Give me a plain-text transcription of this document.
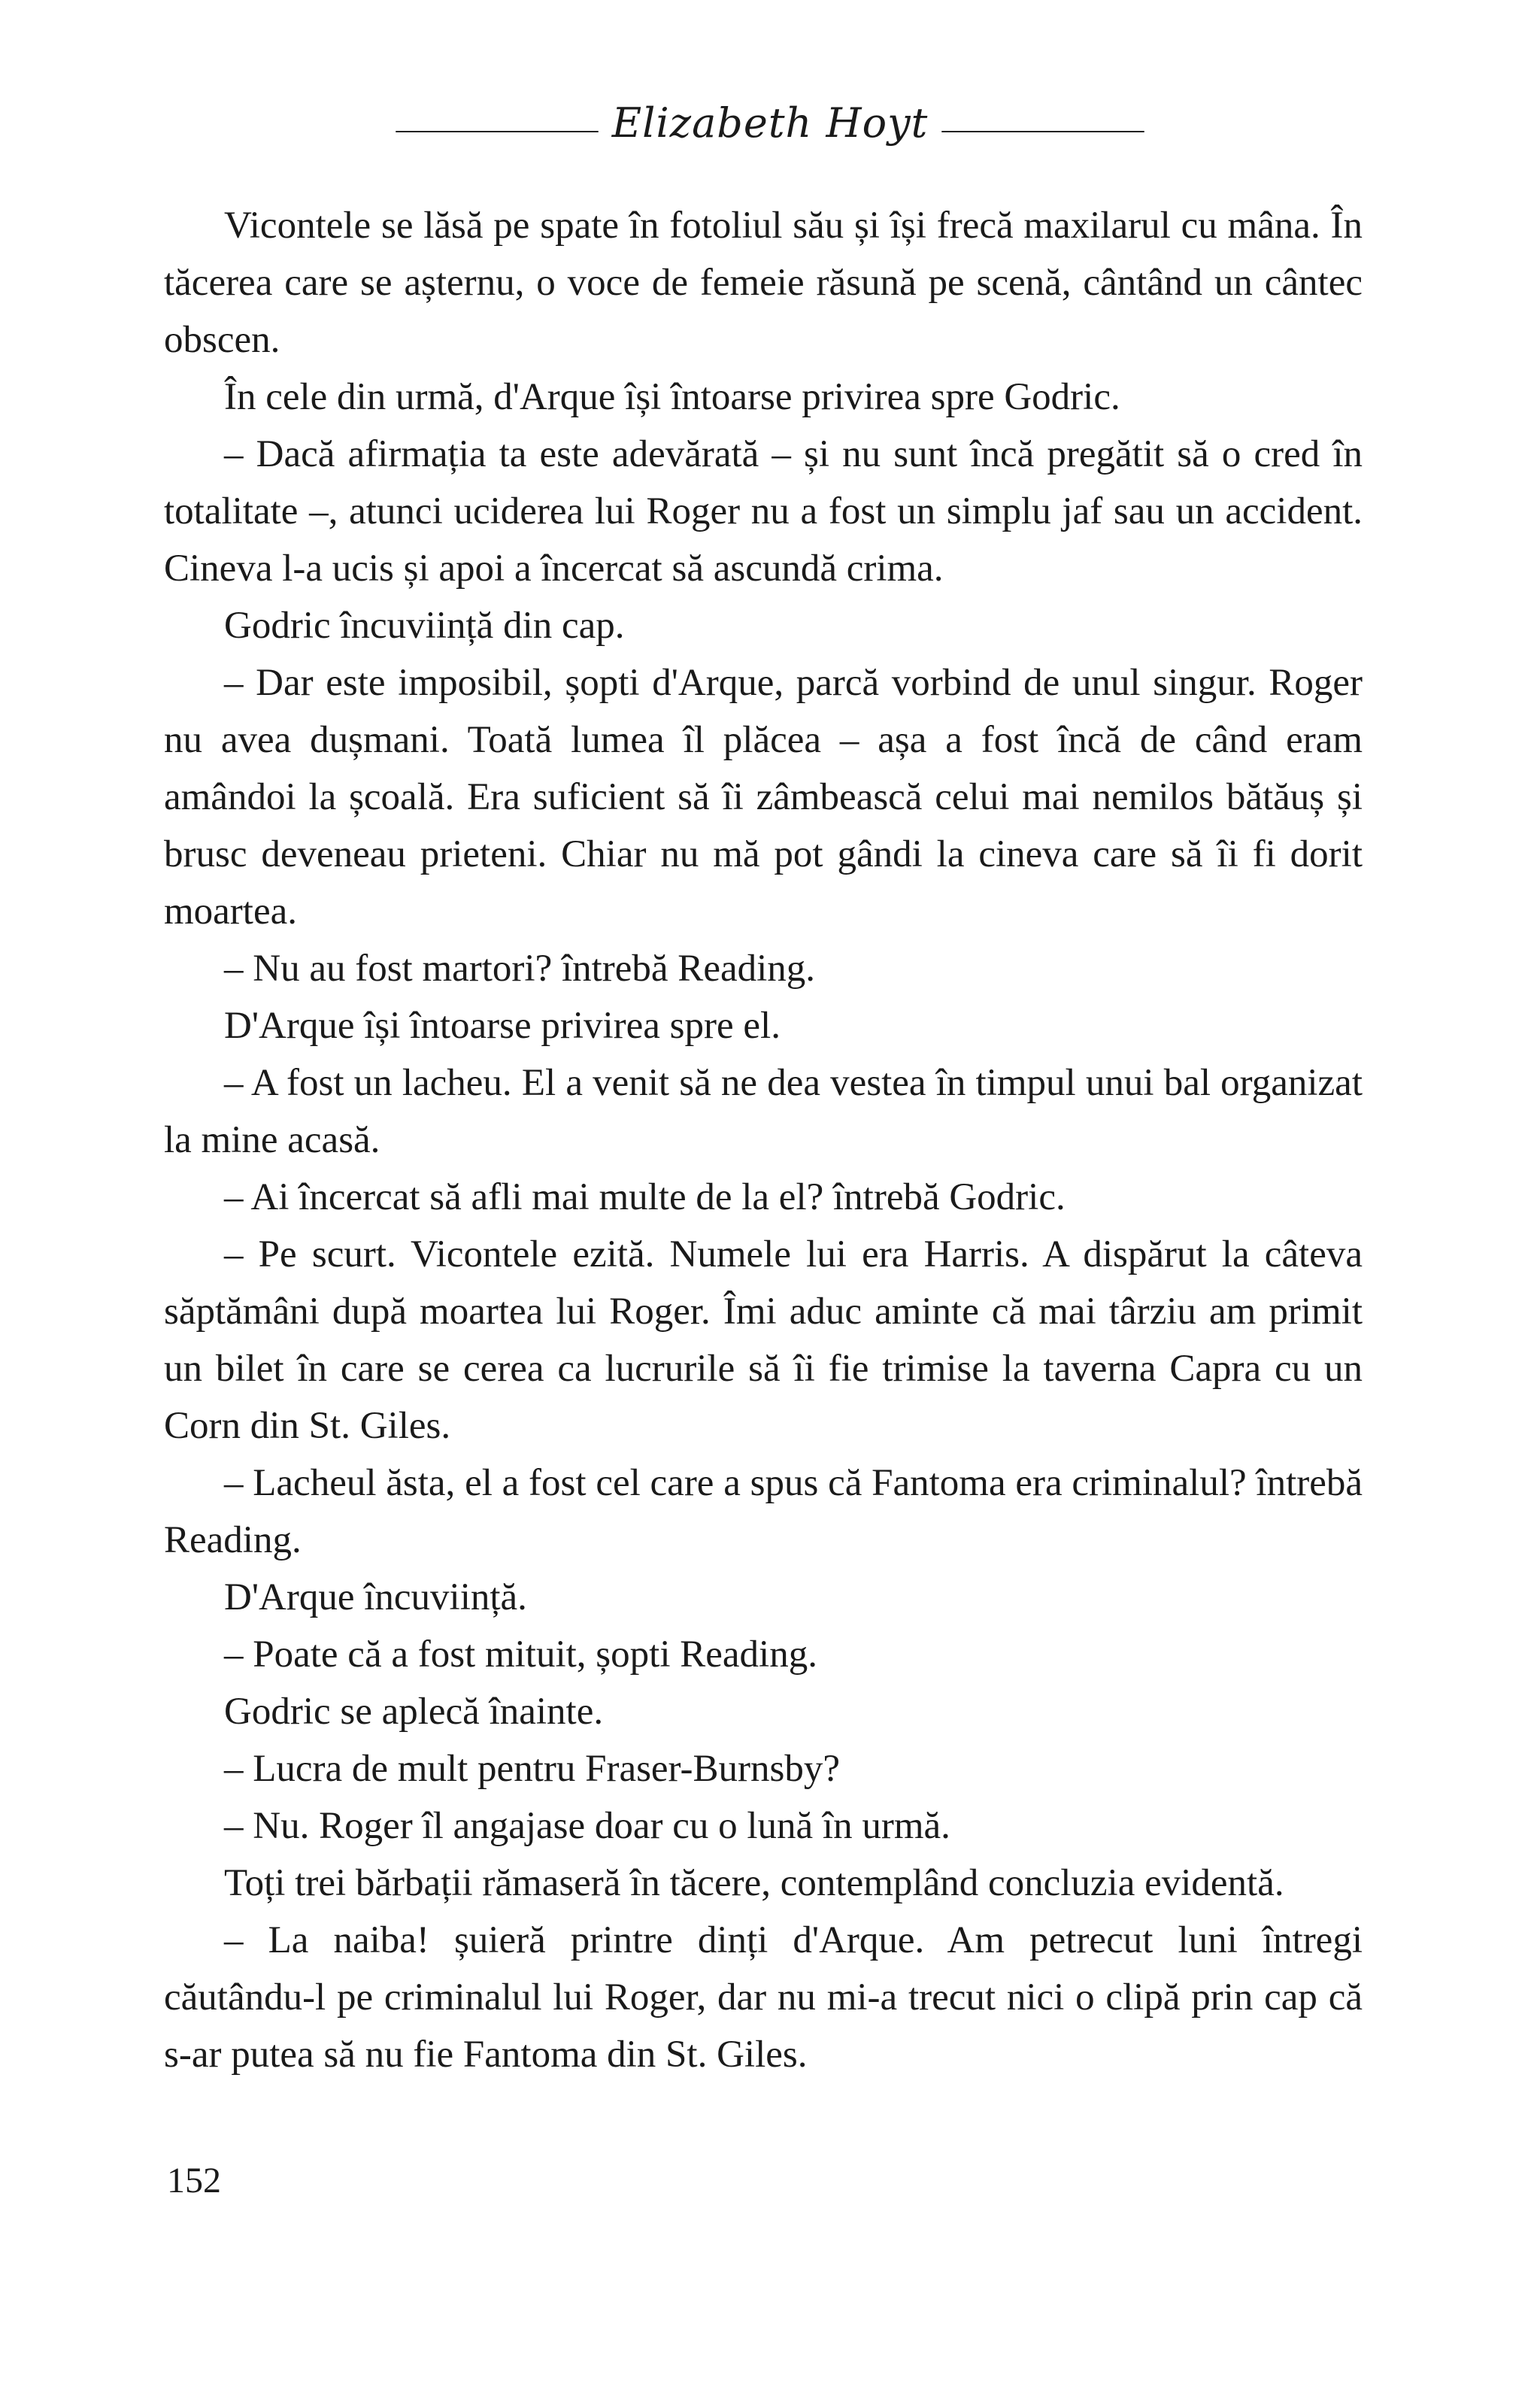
Elizabeth Hoyt

Vicontele se lăsă pe spate în fotoliul său și își frecă maxilarul cu mâna. În tăcerea care se așternu, o voce de femeie răsună pe scenă, cântând un cântec obscen.

În cele din urmă, d'Arque își întoarse privirea spre Godric.

– Dacă afirmația ta este adevărată – și nu sunt încă pregătit să o cred în totalitate –, atunci uciderea lui Roger nu a fost un simplu jaf sau un accident. Cineva l-a ucis și apoi a încercat să ascundă crima.

Godric încuviință din cap.

– Dar este imposibil, șopti d'Arque, parcă vorbind de unul singur. Roger nu avea dușmani. Toată lumea îl plăcea – așa a fost încă de când eram amândoi la școală. Era suficient să îi zâmbească celui mai nemilos bătăuș și brusc deveneau prieteni. Chiar nu mă pot gândi la cineva care să îi fi dorit moartea.

– Nu au fost martori? întrebă Reading.

D'Arque își întoarse privirea spre el.

– A fost un lacheu. El a venit să ne dea vestea în timpul unui bal organizat la mine acasă.

– Ai încercat să afli mai multe de la el? întrebă Godric.

– Pe scurt. Vicontele ezită. Numele lui era Harris. A dispărut la câteva săptămâni după moartea lui Roger. Îmi aduc aminte că mai târziu am primit un bilet în care se cerea ca lucrurile să îi fie trimise la taverna Capra cu un Corn din St. Giles.

– Lacheul ăsta, el a fost cel care a spus că Fantoma era criminalul? întrebă Reading.

D'Arque încuviință.

– Poate că a fost mituit, șopti Reading.

Godric se aplecă înainte.

– Lucra de mult pentru Fraser-Burnsby?

– Nu. Roger îl angajase doar cu o lună în urmă.

Toți trei bărbații rămaseră în tăcere, contemplând concluzia evidentă.

– La naiba! șuieră printre dinți d'Arque. Am petrecut luni întregi căutându-l pe criminalul lui Roger, dar nu mi-a trecut nici o clipă prin cap că s-ar putea să nu fie Fantoma din St. Giles.

152
